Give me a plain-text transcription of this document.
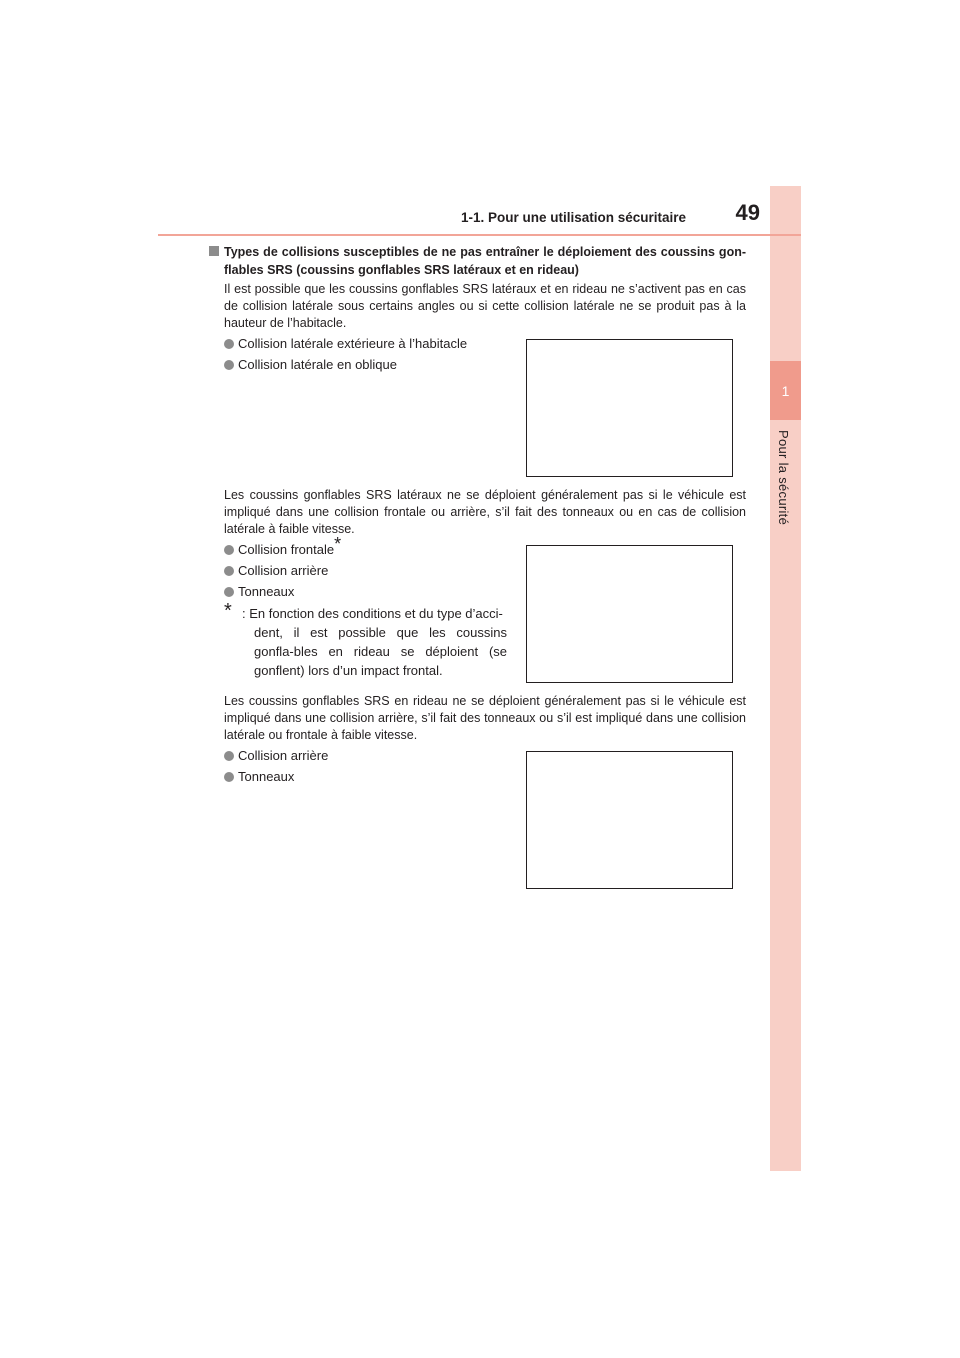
1
Pour la sécurité
1-1. Pour une utilisation sécuritaire	49
Types de collisions susceptibles de ne pas entraîner le déploiement des coussins gon-flables SRS (coussins gonflables SRS latéraux et en rideau)
Il est possible que les coussins gonflables SRS latéraux et en rideau ne s’activent pas en cas de collision latérale sous certains angles ou si cette collision latérale ne se produit pas à la hauteur de l’habitacle.
Collision latérale extérieure à l’habitacle
Collision latérale en oblique
Les coussins gonflables SRS latéraux ne se déploient généralement pas si le véhicule est impliqué dans une collision frontale ou arrière, s’il fait des tonneaux ou en cas de collision latérale à faible vitesse.
Collision frontale*
Collision arrière
Tonneaux
* : En fonction des conditions et du type d’acci-
dent, il est possible que les coussins gonfla-bles en rideau se déploient (se gonflent) lors d’un impact frontal.
Les coussins gonflables SRS en rideau ne se déploient généralement pas si le véhicule est impliqué dans une collision arrière, s’il fait des tonneaux ou s’il est impliqué dans une collision latérale ou frontale à faible vitesse.
Collision arrière
Tonneaux
